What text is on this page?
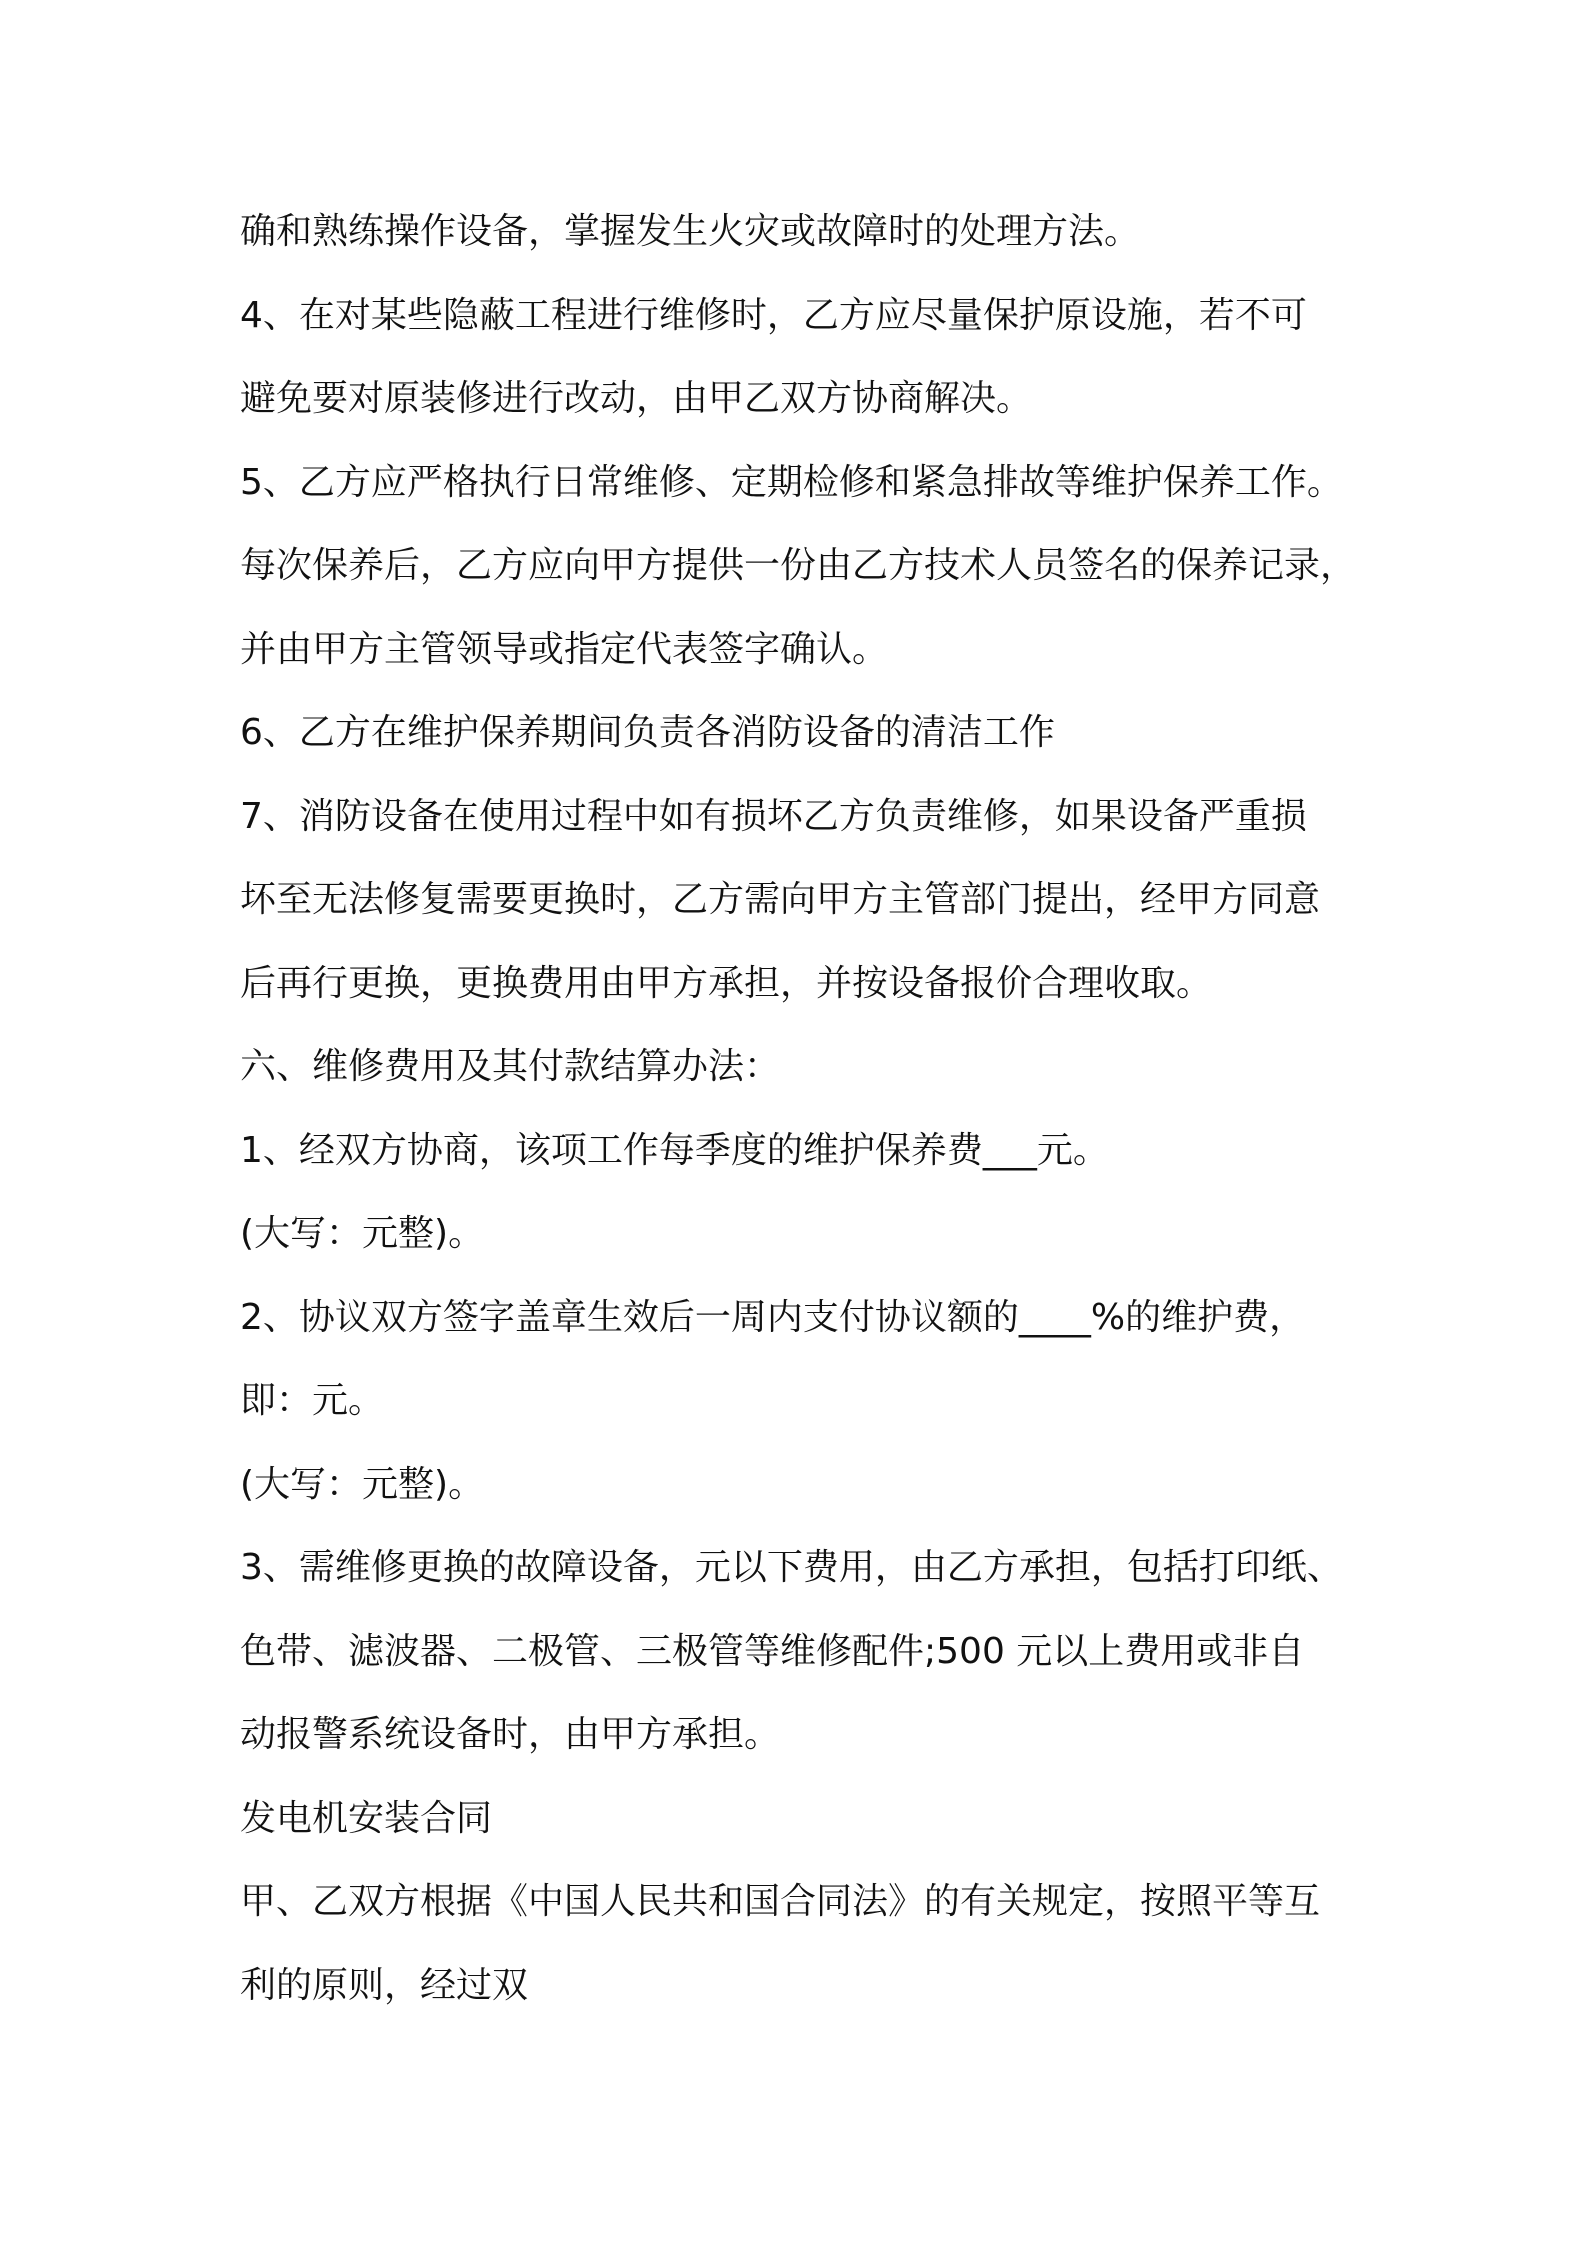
确和熟练操作设备，掌握发生火灾或故障时的处理方法。

4、在对某些隐蔽工程进行维修时，乙方应尽量保护原设施，若不可

避免要对原装修进行改动，由甲乙双方协商解决。

5、乙方应严格执行日常维修、定期检修和紧急排故等维护保养工作。

每次保养后，乙方应向甲方提供一份由乙方技术人员签名的保养记录，

并由甲方主管领导或指定代表签字确认。

6、乙方在维护保养期间负责各消防设备的清洁工作

7、消防设备在使用过程中如有损坏乙方负责维修，如果设备严重损

坏至无法修复需要更换时，乙方需向甲方主管部门提出，经甲方同意

后再行更换，更换费用由甲方承担，并按设备报价合理收取。

六、维修费用及其付款结算办法：

1、经双方协商，该项工作每季度的维护保养费___元。

(大写：元整)。

2、协议双方签字盖章生效后一周内支付协议额的____%的维护费，

即：元。

(大写：元整)。

3、需维修更换的故障设备，元以下费用，由乙方承担，包括打印纸、

色带、滤波器、二极管、三极管等维修配件;500 元以上费用或非自

动报警系统设备时，由甲方承担。

发电机安装合同

甲、乙双方根据《中国人民共和国合同法》的有关规定，按照平等互

利的原则，经过双
